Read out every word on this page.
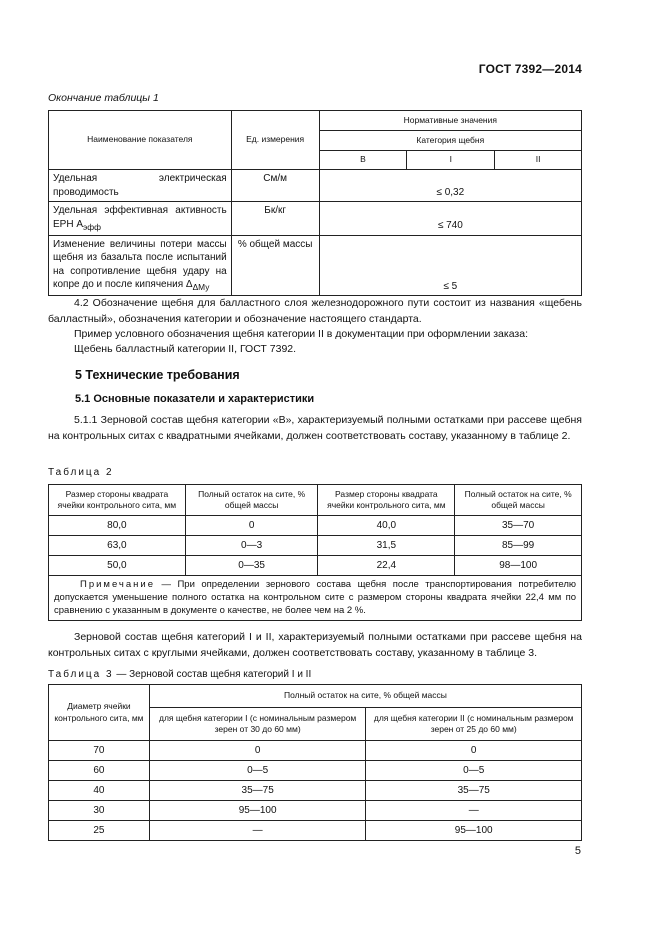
ГОСТ 7392—2014
Окончание таблицы 1
Наименование показателя	Ед. измерения	Нормативные значения		
		Категория щебня		
		В	I	II
Удельная электрическая проводимость	См/м	≤ 0,32		
Удельная эффективная активность ЕРН $A_{эфф}$	Бк/кг	≤ 740		
Изменение величины потери массы щебня из базальта после испытаний на сопротивление щебня удару на копре до и после кипячения $\Delta_{\Delta Му}$	% общей массы	≤ 5		
4.2 Обозначение щебня для балластного слоя железнодорожного пути состоит из названия «щебень балластный», обозначения категории и обозначение настоящего стандарта.
Пример условного обозначения щебня категории II в документации при оформлении заказа:
Щебень балластный категории II, ГОСТ 7392.
5 Технические требования
5.1 Основные показатели и характеристики
5.1.1 Зерновой состав щебня категории «В», характеризуемый полными остатками при рассеве щебня на контрольных ситах с квадратными ячейками, должен соответствовать составу, указанному в таблице 2.
Таблица 2
Размер стороны квадрата ячейки контрольного сита, мм	Полный остаток на сите, % общей массы	Размер стороны квадрата ячейки контрольного сита, мм	Полный остаток на сите, % общей массы
80,0	0	40,0	35—70
63,0	0—3	31,5	85—99
50,0	0—35	22,4	98—100
Примечание — При определении зернового состава щебня после транспортирования потребителю допускается уменьшение полного остатка на контрольном сите с размером стороны квадрата ячейки 22,4 мм по сравнению с указанным в документе о качестве, не более чем на 2 %.			
Зерновой состав щебня категорий I и II, характеризуемый полными остатками при рассеве щебня на контрольных ситах с круглыми ячейками, должен соответствовать составу, указанному в таблице 3.
Таблица 3 — Зерновой состав щебня категорий I и II
Диаметр ячейки контрольного сита, мм	Полный остаток на сите, % общей массы	
	для щебня категории I (с номинальным размером зерен от 30 до 60 мм)	для щебня категории II (с номинальным размером зерен от 25 до 60 мм)
70	0	0
60	0—5	0—5
40	35—75	35—75
30	95—100	—
25	—	95—100
5
